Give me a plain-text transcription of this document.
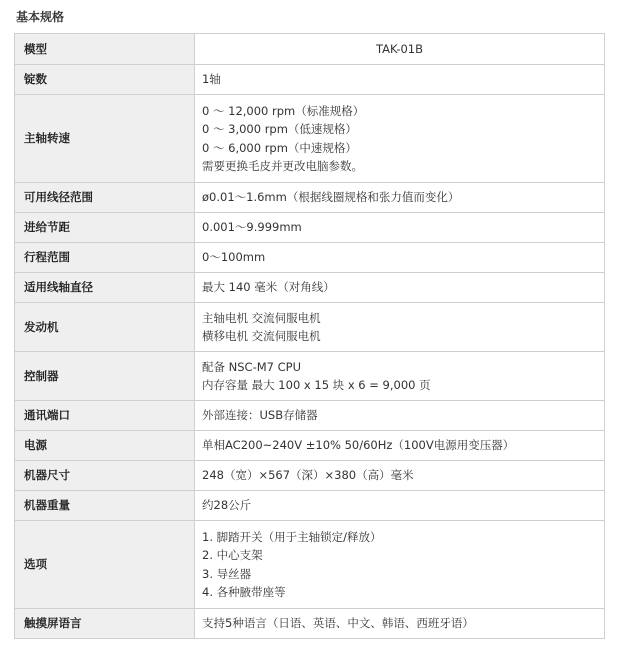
基本规格
模型	TAK-01B

锭数	1轴

主轴转速	0 ～ 12,000 rpm（标准规格）
0 ～ 3,000 rpm（低速规格）
0 ～ 6,000 rpm（中速规格）
需要更换毛皮并更改电脑参数。

可用线径范围	ø0.01～1.6mm（根据线圈规格和张力值而变化）

进给节距	0.001～9.999mm

行程范围	0～100mm

适用线轴直径	最大 140 毫米（对角线）

发动机	主轴电机 交流伺服电机
横移电机 交流伺服电机

控制器	配备 NSC-M7 CPU
内存容量 最大 100 x 15 块 x 6 = 9,000 页

通讯端口	外部连接：USB存储器

电源	单相AC200~240V ±10% 50/60Hz（100V电源用变压器）

机器尺寸	248（宽）×567（深）×380（高）毫米

机器重量	约28公斤

选项	1. 脚踏开关（用于主轴锁定/释放）
2. 中心支架
3. 导丝器
4. 各种腋带座等

触摸屏语言	支持5种语言（日语、英语、中文、韩语、西班牙语）
